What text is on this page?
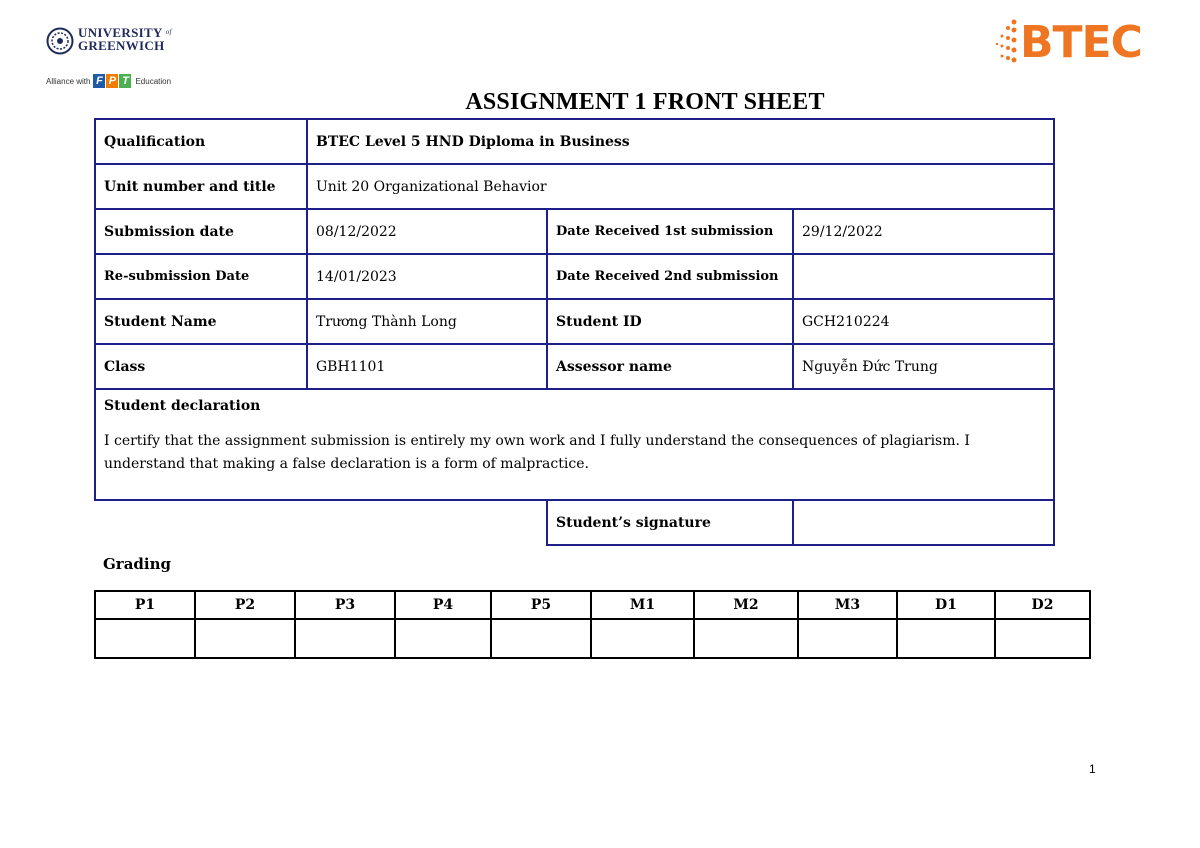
UNIVERSITY $^{of}$
GREENWICH
Alliance with F P T Education
BTEC
ASSIGNMENT 1 FRONT SHEET
Qualification	BTEC Level 5 HND Diploma in Business		
Unit number and title	Unit 20 Organizational Behavior		
Submission date	08/12/2022	Date Received 1st submission	29/12/2022
Re-submission Date	14/01/2023	Date Received 2nd submission	
Student Name	Trương Thành Long	Student ID	GCH210224
Class	GBH1101	Assessor name	Nguyễn Đức Trung

Student declaration
I certify that the assignment submission is entirely my own work and I fully understand the consequences of plagiarism. I understand that making a false declaration is a form of malpractice.			

		Student’s signature	
Grading
P1	P2	P3	P4	P5	M1	M2	M3	D1	D2

1
